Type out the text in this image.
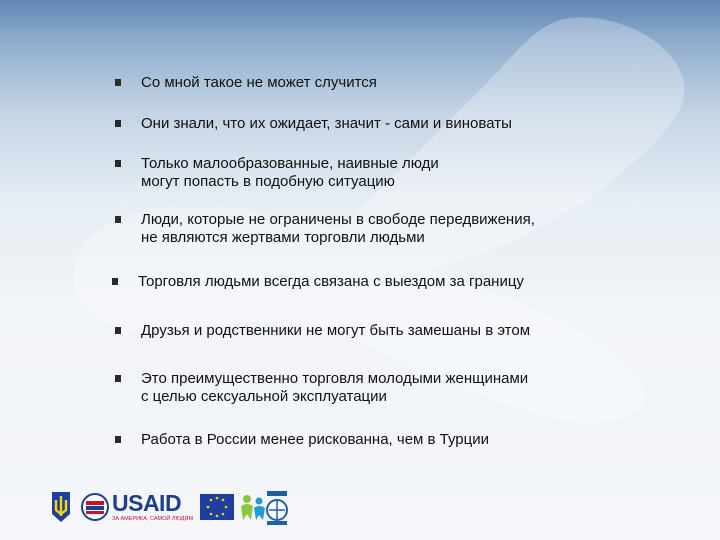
Со мной такое не может случится
Они знали, что их ожидает, значит - сами и виноваты
Только малообразованные, наивные люди
могут попасть в подобную ситуацию
Люди, которые не ограничены в свободе передвижения,
не являются жертвами торговли людьми
Торговля людьми всегда связана с выездом за границу
Друзья и родственники не могут быть замешаны в этом
Это преимущественно торговля молодыми женщинами
с целью сексуальной эксплуатации
Работа в России менее рискованна, чем в Турции
USAID
ЗА АМЕРИКА, САМОЙ ЛЮДЯМ
